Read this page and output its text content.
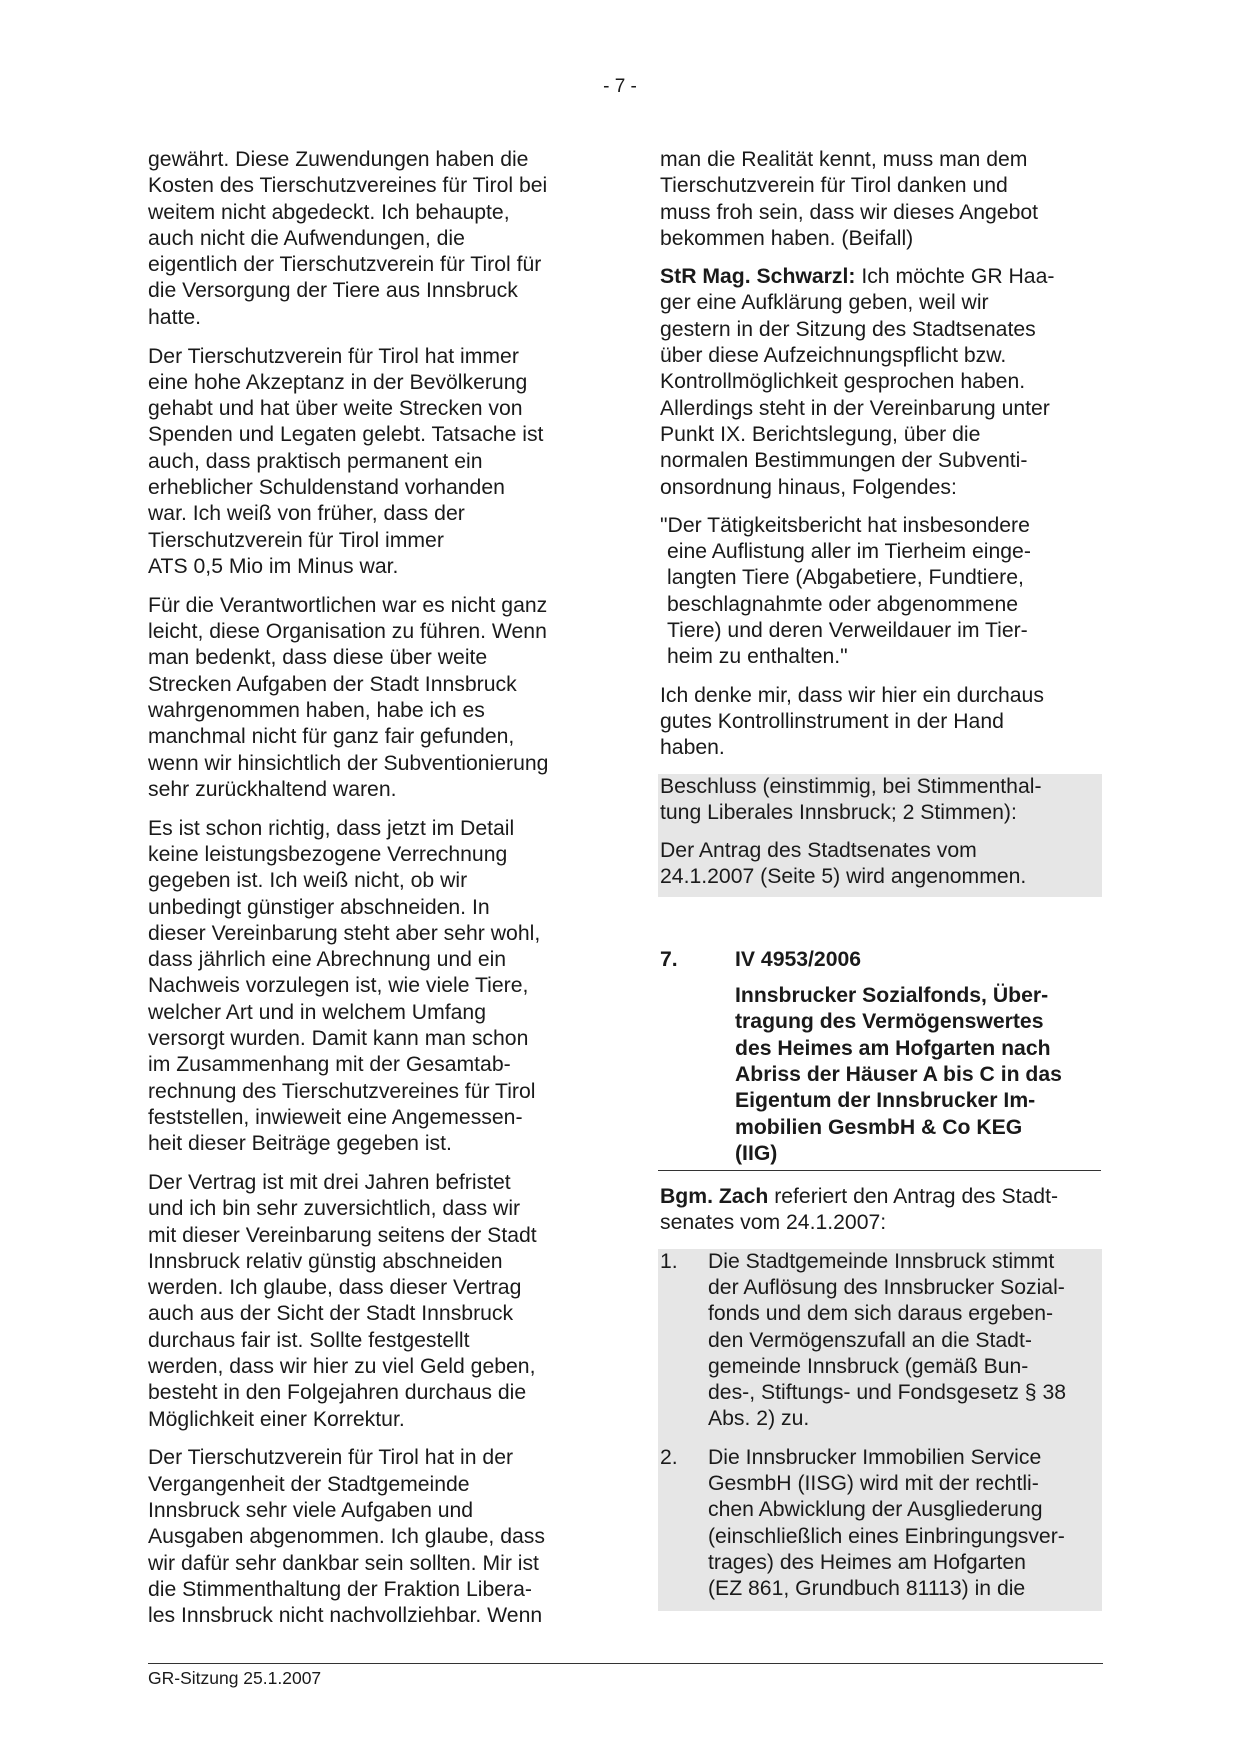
- 7 -

gewährt. Diese Zuwendungen haben die
Kosten des Tierschutzvereines für Tirol bei
weitem nicht abgedeckt. Ich behaupte,
auch nicht die Aufwendungen, die
eigentlich der Tierschutzverein für Tirol für
die Versorgung der Tiere aus Innsbruck
hatte.

Der Tierschutzverein für Tirol hat immer
eine hohe Akzeptanz in der Bevölkerung
gehabt und hat über weite Strecken von
Spenden und Legaten gelebt. Tatsache ist
auch, dass praktisch permanent ein
erheblicher Schuldenstand vorhanden
war. Ich weiß von früher, dass der
Tierschutzverein für Tirol immer
ATS 0,5 Mio im Minus war.

Für die Verantwortlichen war es nicht ganz
leicht, diese Organisation zu führen. Wenn
man bedenkt, dass diese über weite
Strecken Aufgaben der Stadt Innsbruck
wahrgenommen haben, habe ich es
manchmal nicht für ganz fair gefunden,
wenn wir hinsichtlich der Subventionierung
sehr zurückhaltend waren.

Es ist schon richtig, dass jetzt im Detail
keine leistungsbezogene Verrechnung
gegeben ist. Ich weiß nicht, ob wir
unbedingt günstiger abschneiden. In
dieser Vereinbarung steht aber sehr wohl,
dass jährlich eine Abrechnung und ein
Nachweis vorzulegen ist, wie viele Tiere,
welcher Art und in welchem Umfang
versorgt wurden. Damit kann man schon
im Zusammenhang mit der Gesamtab-
rechnung des Tierschutzvereines für Tirol
feststellen, inwieweit eine Angemessen-
heit dieser Beiträge gegeben ist.

Der Vertrag ist mit drei Jahren befristet
und ich bin sehr zuversichtlich, dass wir
mit dieser Vereinbarung seitens der Stadt
Innsbruck relativ günstig abschneiden
werden. Ich glaube, dass dieser Vertrag
auch aus der Sicht der Stadt Innsbruck
durchaus fair ist. Sollte festgestellt
werden, dass wir hier zu viel Geld geben,
besteht in den Folgejahren durchaus die
Möglichkeit einer Korrektur.

Der Tierschutzverein für Tirol hat in der
Vergangenheit der Stadtgemeinde
Innsbruck sehr viele Aufgaben und
Ausgaben abgenommen. Ich glaube, dass
wir dafür sehr dankbar sein sollten. Mir ist
die Stimmenthaltung der Fraktion Libera-
les Innsbruck nicht nachvollziehbar. Wenn

man die Realität kennt, muss man dem
Tierschutzverein für Tirol danken und
muss froh sein, dass wir dieses Angebot
bekommen haben. (Beifall)

StR Mag. Schwarzl: Ich möchte GR Haa-
ger eine Aufklärung geben, weil wir
gestern in der Sitzung des Stadtsenates
über diese Aufzeichnungspflicht bzw.
Kontrollmöglichkeit gesprochen haben.
Allerdings steht in der Vereinbarung unter
Punkt IX. Berichtslegung, über die
normalen Bestimmungen der Subventi-
onsordnung hinaus, Folgendes:

"Der Tätigkeitsbericht hat insbesondere
eine Auflistung aller im Tierheim einge-
langten Tiere (Abgabetiere, Fundtiere,
beschlagnahmte oder abgenommene
Tiere) und deren Verweildauer im Tier-
heim zu enthalten."

Ich denke mir, dass wir hier ein durchaus
gutes Kontrollinstrument in der Hand
haben.

Beschluss (einstimmig, bei Stimmenthal-
tung Liberales Innsbruck; 2 Stimmen):

Der Antrag des Stadtsenates vom
24.1.2007 (Seite 5) wird angenommen.

7.	IV 4953/2006
Innsbrucker Sozialfonds, Über-
tragung des Vermögenswertes
des Heimes am Hofgarten nach
Abriss der Häuser A bis C in das
Eigentum der Innsbrucker Im-
mobilien GesmbH & Co KEG
(IIG)

Bgm. Zach referiert den Antrag des Stadt-
senates vom 24.1.2007:

1.	Die Stadtgemeinde Innsbruck stimmt
der Auflösung des Innsbrucker Sozial-
fonds und dem sich daraus ergeben-
den Vermögenszufall an die Stadt-
gemeinde Innsbruck (gemäß Bun-
des-, Stiftungs- und Fondsgesetz § 38
Abs. 2) zu.
2.	Die Innsbrucker Immobilien Service
GesmbH (IISG) wird mit der rechtli-
chen Abwicklung der Ausgliederung
(einschließlich eines Einbringungsver-
trages) des Heimes am Hofgarten
(EZ 861, Grundbuch 81113) in die
GR-Sitzung 25.1.2007
